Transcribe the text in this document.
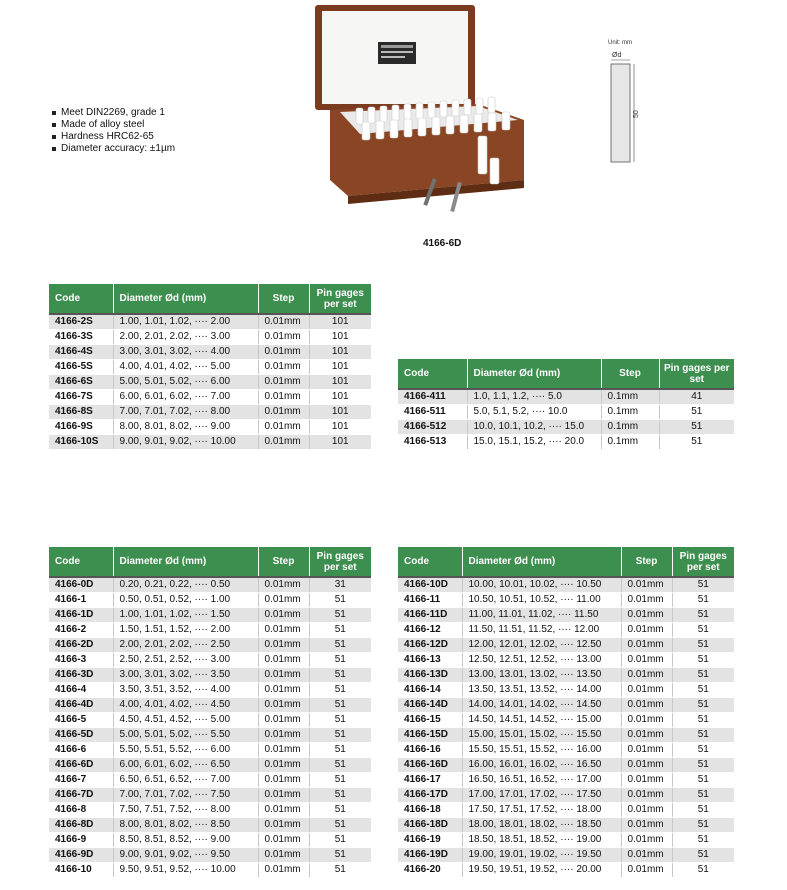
Meet DIN2269, grade 1
Made of alloy steel
Hardness HRC62-65
Diameter accuracy: ±1µm
4166-6D
Unit: mm
Ød
50
Code	Diameter Ød (mm)	Step	Pin gages per set
4166-2S	1.00, 1.01, 1.02, ···· 2.00	0.01mm	101
4166-3S	2.00, 2.01, 2.02, ···· 3.00	0.01mm	101
4166-4S	3.00, 3.01, 3.02, ···· 4.00	0.01mm	101
4166-5S	4.00, 4.01, 4.02, ···· 5.00	0.01mm	101
4166-6S	5.00, 5.01, 5.02, ···· 6.00	0.01mm	101
4166-7S	6.00, 6.01, 6.02, ···· 7.00	0.01mm	101
4166-8S	7.00, 7.01, 7.02, ···· 8.00	0.01mm	101
4166-9S	8.00, 8.01, 8.02, ···· 9.00	0.01mm	101
4166-10S	9.00, 9.01, 9.02, ···· 10.00	0.01mm	101
Code	Diameter Ød (mm)	Step	Pin gages per set
4166-411	1.0, 1.1, 1.2, ···· 5.0	0.1mm	41
4166-511	5.0, 5.1, 5.2, ···· 10.0	0.1mm	51
4166-512	10.0, 10.1, 10.2, ···· 15.0	0.1mm	51
4166-513	15.0, 15.1, 15.2, ···· 20.0	0.1mm	51
Code	Diameter Ød (mm)	Step	Pin gages per set
4166-0D	0.20, 0.21, 0.22, ···· 0.50	0.01mm	31
4166-1	0.50, 0.51, 0.52, ···· 1.00	0.01mm	51
4166-1D	1.00, 1.01, 1.02, ···· 1.50	0.01mm	51
4166-2	1.50, 1.51, 1.52, ···· 2.00	0.01mm	51
4166-2D	2.00, 2.01, 2.02, ···· 2.50	0.01mm	51
4166-3	2.50, 2.51, 2.52, ···· 3.00	0.01mm	51
4166-3D	3.00, 3.01, 3.02, ···· 3.50	0.01mm	51
4166-4	3.50, 3.51, 3.52, ···· 4.00	0.01mm	51
4166-4D	4.00, 4.01, 4.02, ···· 4.50	0.01mm	51
4166-5	4.50, 4.51, 4.52, ···· 5.00	0.01mm	51
4166-5D	5.00, 5.01, 5.02, ···· 5.50	0.01mm	51
4166-6	5.50, 5.51, 5.52, ···· 6.00	0.01mm	51
4166-6D	6.00, 6.01, 6.02, ···· 6.50	0.01mm	51
4166-7	6.50, 6.51, 6.52, ···· 7.00	0.01mm	51
4166-7D	7.00, 7.01, 7.02, ···· 7.50	0.01mm	51
4166-8	7.50, 7.51, 7.52, ···· 8.00	0.01mm	51
4166-8D	8.00, 8.01, 8.02, ···· 8.50	0.01mm	51
4166-9	8.50, 8.51, 8.52, ···· 9.00	0.01mm	51
4166-9D	9.00, 9.01, 9.02, ···· 9.50	0.01mm	51
4166-10	9.50, 9.51, 9.52, ···· 10.00	0.01mm	51
Code	Diameter Ød (mm)	Step	Pin gages per set
4166-10D	10.00, 10.01, 10.02, ···· 10.50	0.01mm	51
4166-11	10.50, 10.51, 10.52, ···· 11.00	0.01mm	51
4166-11D	11.00, 11.01, 11.02, ···· 11.50	0.01mm	51
4166-12	11.50, 11.51, 11.52, ···· 12.00	0.01mm	51
4166-12D	12.00, 12.01, 12.02, ···· 12.50	0.01mm	51
4166-13	12.50, 12.51, 12.52, ···· 13.00	0.01mm	51
4166-13D	13.00, 13.01, 13.02, ···· 13.50	0.01mm	51
4166-14	13.50, 13.51, 13.52, ···· 14.00	0.01mm	51
4166-14D	14.00, 14.01, 14.02, ···· 14.50	0.01mm	51
4166-15	14.50, 14.51, 14.52, ···· 15.00	0.01mm	51
4166-15D	15.00, 15.01, 15.02, ···· 15.50	0.01mm	51
4166-16	15.50, 15.51, 15.52, ···· 16.00	0.01mm	51
4166-16D	16.00, 16.01, 16.02, ···· 16.50	0.01mm	51
4166-17	16.50, 16.51, 16.52, ···· 17.00	0.01mm	51
4166-17D	17.00, 17.01, 17.02, ···· 17.50	0.01mm	51
4166-18	17.50, 17.51, 17.52, ···· 18.00	0.01mm	51
4166-18D	18.00, 18.01, 18.02, ···· 18.50	0.01mm	51
4166-19	18.50, 18.51, 18.52, ···· 19.00	0.01mm	51
4166-19D	19.00, 19.01, 19.02, ···· 19.50	0.01mm	51
4166-20	19.50, 19.51, 19.52, ···· 20.00	0.01mm	51
